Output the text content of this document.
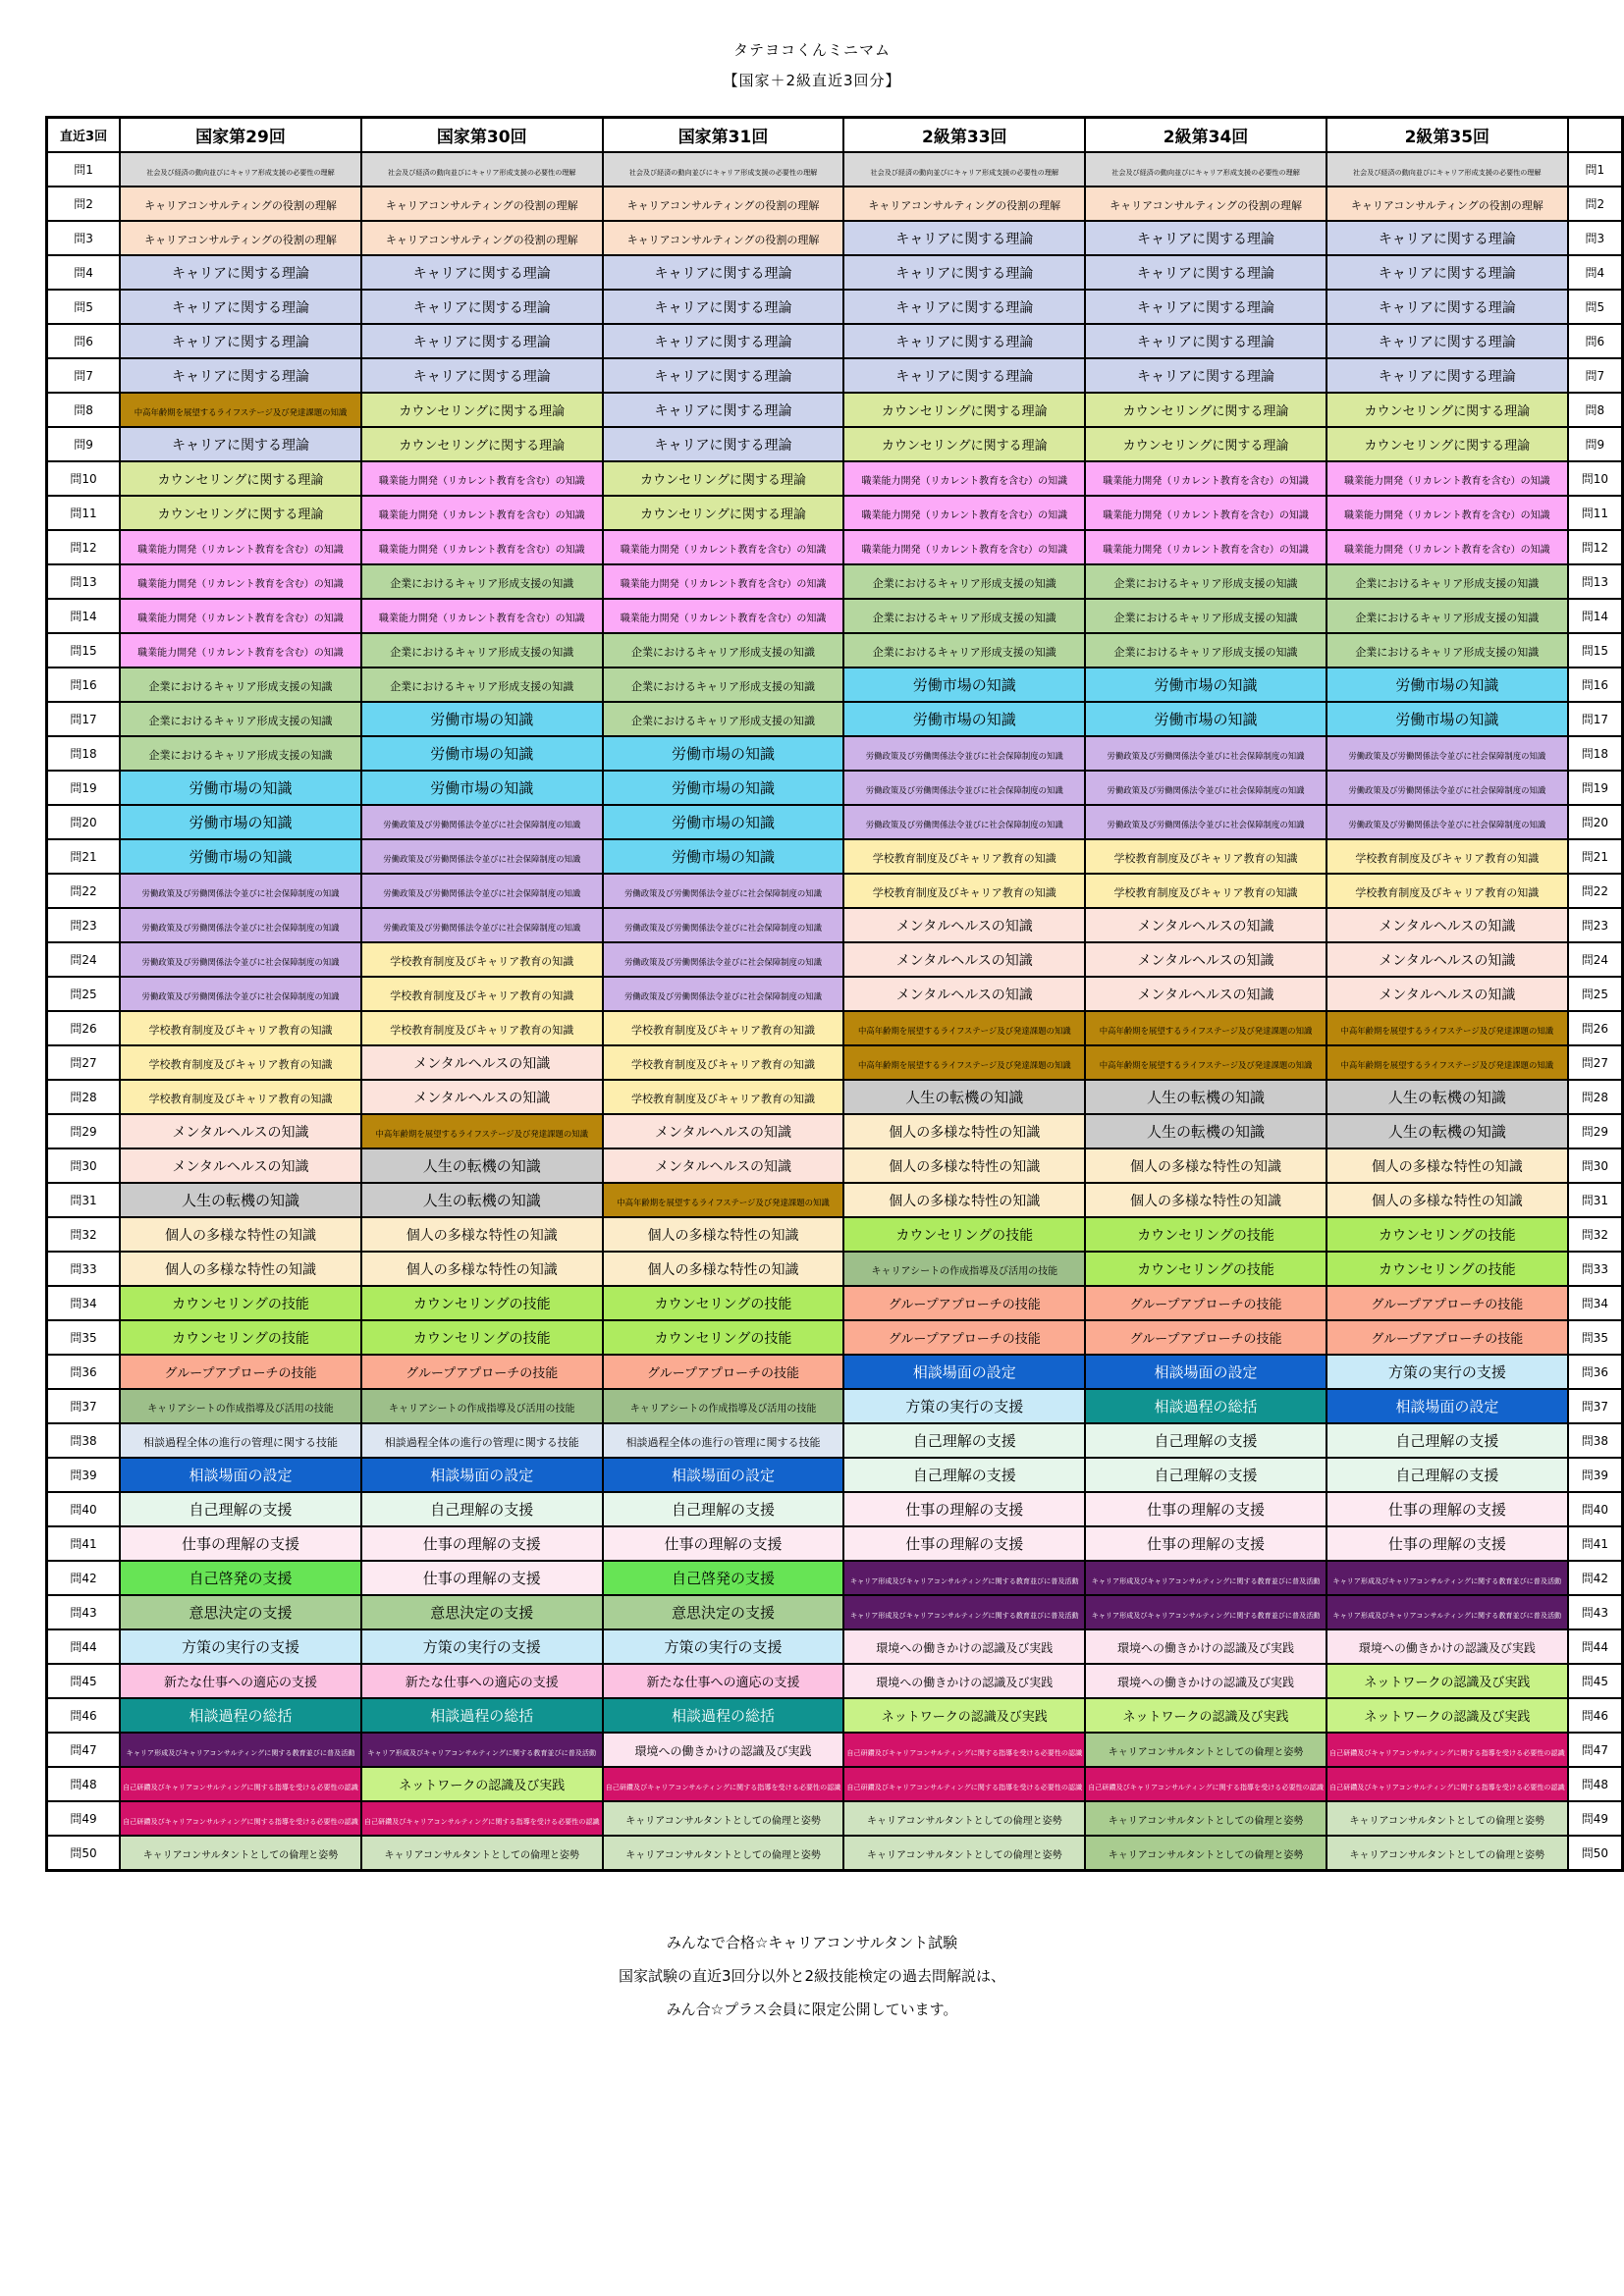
タテヨコくんミニマム
【国家＋2級直近3回分】
直近3回	国家第29回	国家第30回	国家第31回	2級第33回	2級第34回	2級第35回	
問1	社会及び経済の動向並びにキャリア形成支援の必要性の理解	社会及び経済の動向並びにキャリア形成支援の必要性の理解	社会及び経済の動向並びにキャリア形成支援の必要性の理解	社会及び経済の動向並びにキャリア形成支援の必要性の理解	社会及び経済の動向並びにキャリア形成支援の必要性の理解	社会及び経済の動向並びにキャリア形成支援の必要性の理解	問1
問2	キャリアコンサルティングの役割の理解	キャリアコンサルティングの役割の理解	キャリアコンサルティングの役割の理解	キャリアコンサルティングの役割の理解	キャリアコンサルティングの役割の理解	キャリアコンサルティングの役割の理解	問2
問3	キャリアコンサルティングの役割の理解	キャリアコンサルティングの役割の理解	キャリアコンサルティングの役割の理解	キャリアに関する理論	キャリアに関する理論	キャリアに関する理論	問3
問4	キャリアに関する理論	キャリアに関する理論	キャリアに関する理論	キャリアに関する理論	キャリアに関する理論	キャリアに関する理論	問4
問5	キャリアに関する理論	キャリアに関する理論	キャリアに関する理論	キャリアに関する理論	キャリアに関する理論	キャリアに関する理論	問5
問6	キャリアに関する理論	キャリアに関する理論	キャリアに関する理論	キャリアに関する理論	キャリアに関する理論	キャリアに関する理論	問6
問7	キャリアに関する理論	キャリアに関する理論	キャリアに関する理論	キャリアに関する理論	キャリアに関する理論	キャリアに関する理論	問7
問8	中高年齢期を展望するライフステージ及び発達課題の知識	カウンセリングに関する理論	キャリアに関する理論	カウンセリングに関する理論	カウンセリングに関する理論	カウンセリングに関する理論	問8
問9	キャリアに関する理論	カウンセリングに関する理論	キャリアに関する理論	カウンセリングに関する理論	カウンセリングに関する理論	カウンセリングに関する理論	問9
問10	カウンセリングに関する理論	職業能力開発（リカレント教育を含む）の知識	カウンセリングに関する理論	職業能力開発（リカレント教育を含む）の知識	職業能力開発（リカレント教育を含む）の知識	職業能力開発（リカレント教育を含む）の知識	問10
問11	カウンセリングに関する理論	職業能力開発（リカレント教育を含む）の知識	カウンセリングに関する理論	職業能力開発（リカレント教育を含む）の知識	職業能力開発（リカレント教育を含む）の知識	職業能力開発（リカレント教育を含む）の知識	問11
問12	職業能力開発（リカレント教育を含む）の知識	職業能力開発（リカレント教育を含む）の知識	職業能力開発（リカレント教育を含む）の知識	職業能力開発（リカレント教育を含む）の知識	職業能力開発（リカレント教育を含む）の知識	職業能力開発（リカレント教育を含む）の知識	問12
問13	職業能力開発（リカレント教育を含む）の知識	企業におけるキャリア形成支援の知識	職業能力開発（リカレント教育を含む）の知識	企業におけるキャリア形成支援の知識	企業におけるキャリア形成支援の知識	企業におけるキャリア形成支援の知識	問13
問14	職業能力開発（リカレント教育を含む）の知識	職業能力開発（リカレント教育を含む）の知識	職業能力開発（リカレント教育を含む）の知識	企業におけるキャリア形成支援の知識	企業におけるキャリア形成支援の知識	企業におけるキャリア形成支援の知識	問14
問15	職業能力開発（リカレント教育を含む）の知識	企業におけるキャリア形成支援の知識	企業におけるキャリア形成支援の知識	企業におけるキャリア形成支援の知識	企業におけるキャリア形成支援の知識	企業におけるキャリア形成支援の知識	問15
問16	企業におけるキャリア形成支援の知識	企業におけるキャリア形成支援の知識	企業におけるキャリア形成支援の知識	労働市場の知識	労働市場の知識	労働市場の知識	問16
問17	企業におけるキャリア形成支援の知識	労働市場の知識	企業におけるキャリア形成支援の知識	労働市場の知識	労働市場の知識	労働市場の知識	問17
問18	企業におけるキャリア形成支援の知識	労働市場の知識	労働市場の知識	労働政策及び労働関係法令並びに社会保障制度の知識	労働政策及び労働関係法令並びに社会保障制度の知識	労働政策及び労働関係法令並びに社会保障制度の知識	問18
問19	労働市場の知識	労働市場の知識	労働市場の知識	労働政策及び労働関係法令並びに社会保障制度の知識	労働政策及び労働関係法令並びに社会保障制度の知識	労働政策及び労働関係法令並びに社会保障制度の知識	問19
問20	労働市場の知識	労働政策及び労働関係法令並びに社会保障制度の知識	労働市場の知識	労働政策及び労働関係法令並びに社会保障制度の知識	労働政策及び労働関係法令並びに社会保障制度の知識	労働政策及び労働関係法令並びに社会保障制度の知識	問20
問21	労働市場の知識	労働政策及び労働関係法令並びに社会保障制度の知識	労働市場の知識	学校教育制度及びキャリア教育の知識	学校教育制度及びキャリア教育の知識	学校教育制度及びキャリア教育の知識	問21
問22	労働政策及び労働関係法令並びに社会保障制度の知識	労働政策及び労働関係法令並びに社会保障制度の知識	労働政策及び労働関係法令並びに社会保障制度の知識	学校教育制度及びキャリア教育の知識	学校教育制度及びキャリア教育の知識	学校教育制度及びキャリア教育の知識	問22
問23	労働政策及び労働関係法令並びに社会保障制度の知識	労働政策及び労働関係法令並びに社会保障制度の知識	労働政策及び労働関係法令並びに社会保障制度の知識	メンタルヘルスの知識	メンタルヘルスの知識	メンタルヘルスの知識	問23
問24	労働政策及び労働関係法令並びに社会保障制度の知識	学校教育制度及びキャリア教育の知識	労働政策及び労働関係法令並びに社会保障制度の知識	メンタルヘルスの知識	メンタルヘルスの知識	メンタルヘルスの知識	問24
問25	労働政策及び労働関係法令並びに社会保障制度の知識	学校教育制度及びキャリア教育の知識	労働政策及び労働関係法令並びに社会保障制度の知識	メンタルヘルスの知識	メンタルヘルスの知識	メンタルヘルスの知識	問25
問26	学校教育制度及びキャリア教育の知識	学校教育制度及びキャリア教育の知識	学校教育制度及びキャリア教育の知識	中高年齢期を展望するライフステージ及び発達課題の知識	中高年齢期を展望するライフステージ及び発達課題の知識	中高年齢期を展望するライフステージ及び発達課題の知識	問26
問27	学校教育制度及びキャリア教育の知識	メンタルヘルスの知識	学校教育制度及びキャリア教育の知識	中高年齢期を展望するライフステージ及び発達課題の知識	中高年齢期を展望するライフステージ及び発達課題の知識	中高年齢期を展望するライフステージ及び発達課題の知識	問27
問28	学校教育制度及びキャリア教育の知識	メンタルヘルスの知識	学校教育制度及びキャリア教育の知識	人生の転機の知識	人生の転機の知識	人生の転機の知識	問28
問29	メンタルヘルスの知識	中高年齢期を展望するライフステージ及び発達課題の知識	メンタルヘルスの知識	個人の多様な特性の知識	人生の転機の知識	人生の転機の知識	問29
問30	メンタルヘルスの知識	人生の転機の知識	メンタルヘルスの知識	個人の多様な特性の知識	個人の多様な特性の知識	個人の多様な特性の知識	問30
問31	人生の転機の知識	人生の転機の知識	中高年齢期を展望するライフステージ及び発達課題の知識	個人の多様な特性の知識	個人の多様な特性の知識	個人の多様な特性の知識	問31
問32	個人の多様な特性の知識	個人の多様な特性の知識	個人の多様な特性の知識	カウンセリングの技能	カウンセリングの技能	カウンセリングの技能	問32
問33	個人の多様な特性の知識	個人の多様な特性の知識	個人の多様な特性の知識	キャリアシートの作成指導及び活用の技能	カウンセリングの技能	カウンセリングの技能	問33
問34	カウンセリングの技能	カウンセリングの技能	カウンセリングの技能	グループアプローチの技能	グループアプローチの技能	グループアプローチの技能	問34
問35	カウンセリングの技能	カウンセリングの技能	カウンセリングの技能	グループアプローチの技能	グループアプローチの技能	グループアプローチの技能	問35
問36	グループアプローチの技能	グループアプローチの技能	グループアプローチの技能	相談場面の設定	相談場面の設定	方策の実行の支援	問36
問37	キャリアシートの作成指導及び活用の技能	キャリアシートの作成指導及び活用の技能	キャリアシートの作成指導及び活用の技能	方策の実行の支援	相談過程の総括	相談場面の設定	問37
問38	相談過程全体の進行の管理に関する技能	相談過程全体の進行の管理に関する技能	相談過程全体の進行の管理に関する技能	自己理解の支援	自己理解の支援	自己理解の支援	問38
問39	相談場面の設定	相談場面の設定	相談場面の設定	自己理解の支援	自己理解の支援	自己理解の支援	問39
問40	自己理解の支援	自己理解の支援	自己理解の支援	仕事の理解の支援	仕事の理解の支援	仕事の理解の支援	問40
問41	仕事の理解の支援	仕事の理解の支援	仕事の理解の支援	仕事の理解の支援	仕事の理解の支援	仕事の理解の支援	問41
問42	自己啓発の支援	仕事の理解の支援	自己啓発の支援	キャリア形成及びキャリアコンサルティングに関する教育並びに普及活動	キャリア形成及びキャリアコンサルティングに関する教育並びに普及活動	キャリア形成及びキャリアコンサルティングに関する教育並びに普及活動	問42
問43	意思決定の支援	意思決定の支援	意思決定の支援	キャリア形成及びキャリアコンサルティングに関する教育並びに普及活動	キャリア形成及びキャリアコンサルティングに関する教育並びに普及活動	キャリア形成及びキャリアコンサルティングに関する教育並びに普及活動	問43
問44	方策の実行の支援	方策の実行の支援	方策の実行の支援	環境への働きかけの認識及び実践	環境への働きかけの認識及び実践	環境への働きかけの認識及び実践	問44
問45	新たな仕事への適応の支援	新たな仕事への適応の支援	新たな仕事への適応の支援	環境への働きかけの認識及び実践	環境への働きかけの認識及び実践	ネットワークの認識及び実践	問45
問46	相談過程の総括	相談過程の総括	相談過程の総括	ネットワークの認識及び実践	ネットワークの認識及び実践	ネットワークの認識及び実践	問46
問47	キャリア形成及びキャリアコンサルティングに関する教育並びに普及活動	キャリア形成及びキャリアコンサルティングに関する教育並びに普及活動	環境への働きかけの認識及び実践	自己研鑽及びキャリアコンサルティングに関する指導を受ける必要性の認識	キャリアコンサルタントとしての倫理と姿勢	自己研鑽及びキャリアコンサルティングに関する指導を受ける必要性の認識	問47
問48	自己研鑽及びキャリアコンサルティングに関する指導を受ける必要性の認識	ネットワークの認識及び実践	自己研鑽及びキャリアコンサルティングに関する指導を受ける必要性の認識	自己研鑽及びキャリアコンサルティングに関する指導を受ける必要性の認識	自己研鑽及びキャリアコンサルティングに関する指導を受ける必要性の認識	自己研鑽及びキャリアコンサルティングに関する指導を受ける必要性の認識	問48
問49	自己研鑽及びキャリアコンサルティングに関する指導を受ける必要性の認識	自己研鑽及びキャリアコンサルティングに関する指導を受ける必要性の認識	キャリアコンサルタントとしての倫理と姿勢	キャリアコンサルタントとしての倫理と姿勢	キャリアコンサルタントとしての倫理と姿勢	キャリアコンサルタントとしての倫理と姿勢	問49
問50	キャリアコンサルタントとしての倫理と姿勢	キャリアコンサルタントとしての倫理と姿勢	キャリアコンサルタントとしての倫理と姿勢	キャリアコンサルタントとしての倫理と姿勢	キャリアコンサルタントとしての倫理と姿勢	キャリアコンサルタントとしての倫理と姿勢	問50
みんなで合格☆キャリアコンサルタント試験
国家試験の直近3回分以外と2級技能検定の過去問解説は、
みん合☆プラス会員に限定公開しています。
